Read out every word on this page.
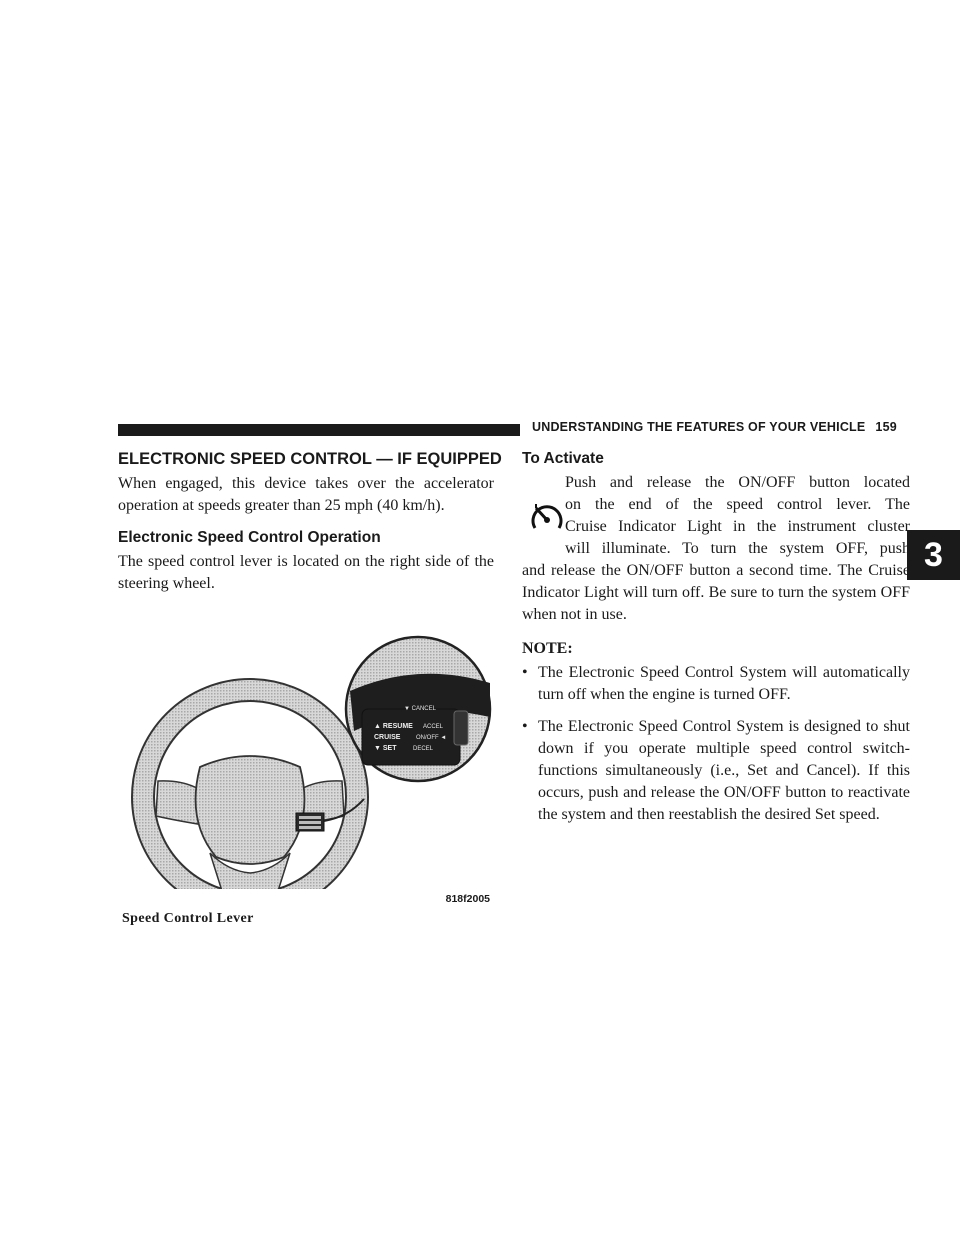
UNDERSTANDING THE FEATURES OF YOUR VEHICLE 159
3
ELECTRONIC SPEED CONTROL — IF EQUIPPED

When engaged, this device takes over the accelerator operation at speeds greater than 25 mph (40 km/h).

Electronic Speed Control Operation

The speed control lever is located on the right side of the steering wheel.

▼ CANCEL
▲ RESUME ACCEL
CRUISE	ON/OFF ◄
▼ SET	DECEL
818f2005
Speed Control Lever
To Activate

Push and release the ON/OFF button located

on the end of the speed control lever. The

Cruise Indicator Light in the instrument cluster

will illuminate. To turn the system OFF, push

and release the ON/OFF button a second time. The Cruise Indicator Light will turn off. Be sure to turn the system OFF when not in use.

NOTE:
• The Electronic Speed Control System will automatically turn off when the engine is turned OFF.
• The Electronic Speed Control System is designed to shut down if you operate multiple speed control switch-functions simultaneously (i.e., Set and Cancel). If this occurs, push and release the ON/OFF button to reactivate the system and then reestablish the desired Set speed.
